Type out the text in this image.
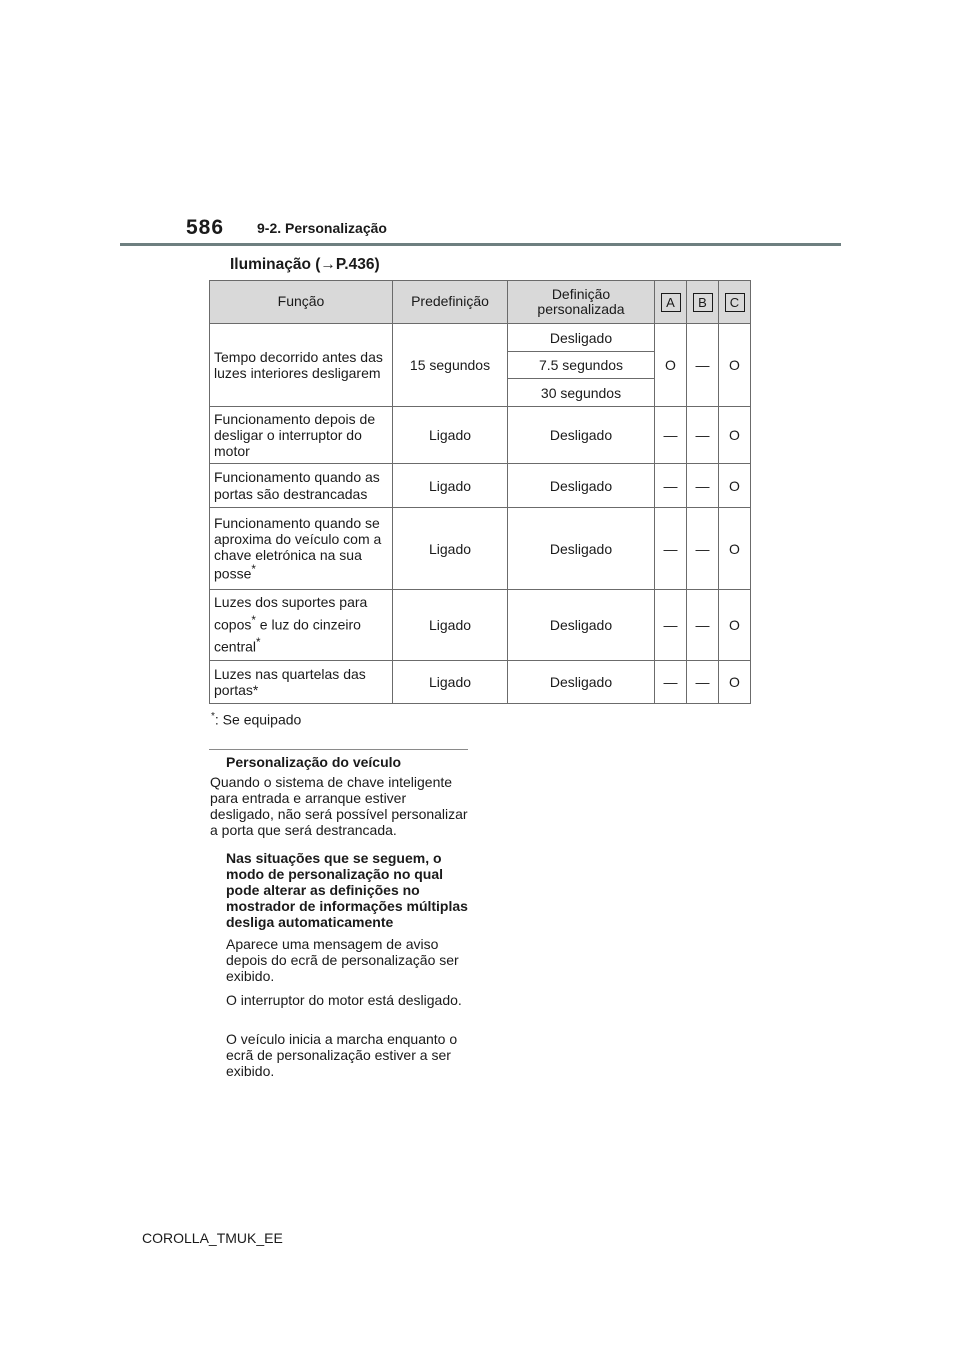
586 9-2. Personalização
Iluminação (→P.436)
Função	Predefinição	Definição personalizada	A	B	C
Tempo decorrido antes das luzes interiores desligarem	15 segundos	Desligado	O	—	O
		7.5 segundos			
		30 segundos			
Funcionamento depois de desligar o interruptor do motor	Ligado	Desligado	—	—	O
Funcionamento quando as portas são destrancadas	Ligado	Desligado	—	—	O
Funcionamento quando se aproxima do veículo com a chave eletrónica na sua posse*	Ligado	Desligado	—	—	O
Luzes dos suportes para copos* e luz do cinzeiro central*	Ligado	Desligado	—	—	O
Luzes nas quartelas das portas*	Ligado	Desligado	—	—	O
*: Se equipado
Personalização do veículo
Quando o sistema de chave inteligente para entrada e arranque estiver desligado, não será possível personalizar a porta que será destrancada.
Nas situações que se seguem, o modo de personalização no qual pode alterar as definições no mostrador de informações múltiplas desliga automaticamente
Aparece uma mensagem de aviso depois do ecrã de personalização ser exibido.
O interruptor do motor está desligado.
O veículo inicia a marcha enquanto o ecrã de personalização estiver a ser exibido.
COROLLA_TMUK_EE
